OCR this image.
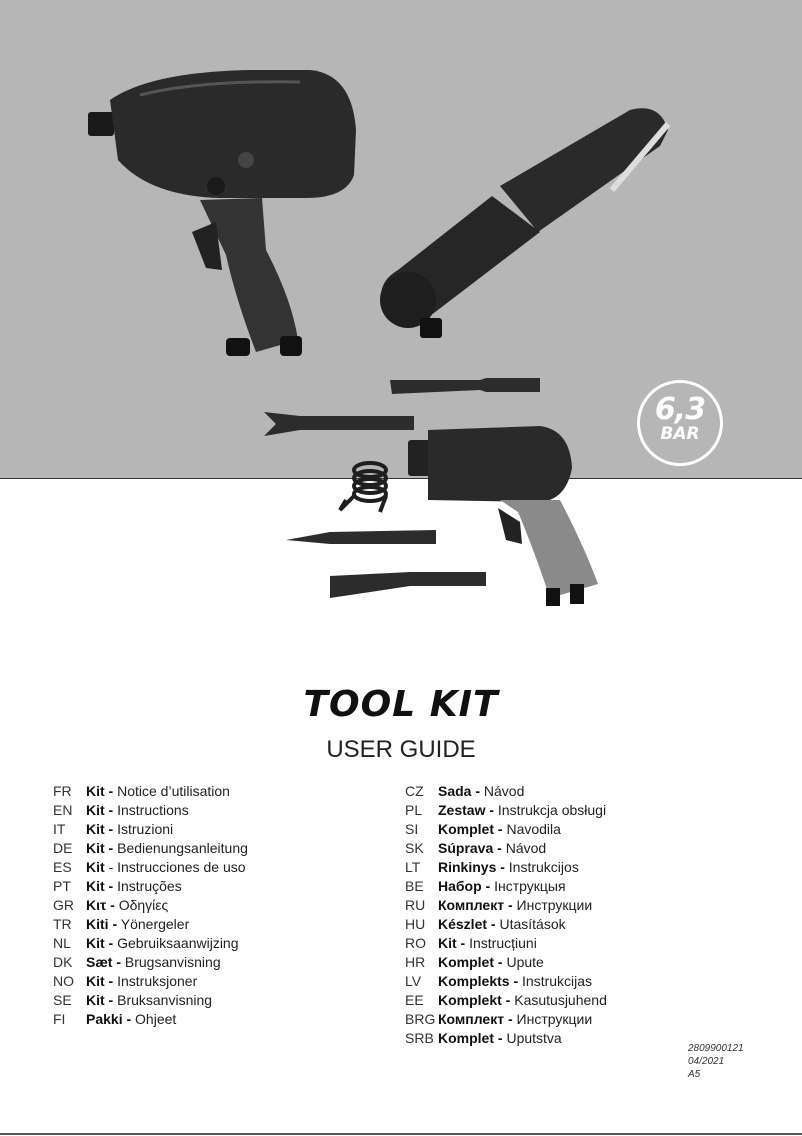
6,3
BAR
TOOL KIT
USER GUIDE
FR Kit - Notice d’utilisation
EN Kit - Instructions
IT Kit - Istruzioni
DE Kit - Bedienungsanleitung
ES Kit - Instrucciones de uso
PT Kit - Instruções
GR Κιτ - Οδηγίες
TR Kiti - Yönergeler
NL Kit - Gebruiksaanwijzing
DK Sæt - Brugsanvisning
NO Kit - Instruksjoner
SE Kit - Bruksanvisning
FI Pakki - Ohjeet
CZ Sada - Návod
PL Zestaw - Instrukcja obsługi
SI Komplet - Navodila
SK Súprava - Návod
LT Rinkinys - Instrukcijos
BE Набор - Інструкцыя
RU Комплект - Инструкции
HU Készlet - Utasítások
RO Kit - Instrucțiuni
HR Komplet - Upute
LV Komplekts - Instrukcijas
EE Komplekt - Kasutusjuhend
BRG Комплект - Инструкции
SRB Komplet - Uputstva
2809900121
04/2021
A5
